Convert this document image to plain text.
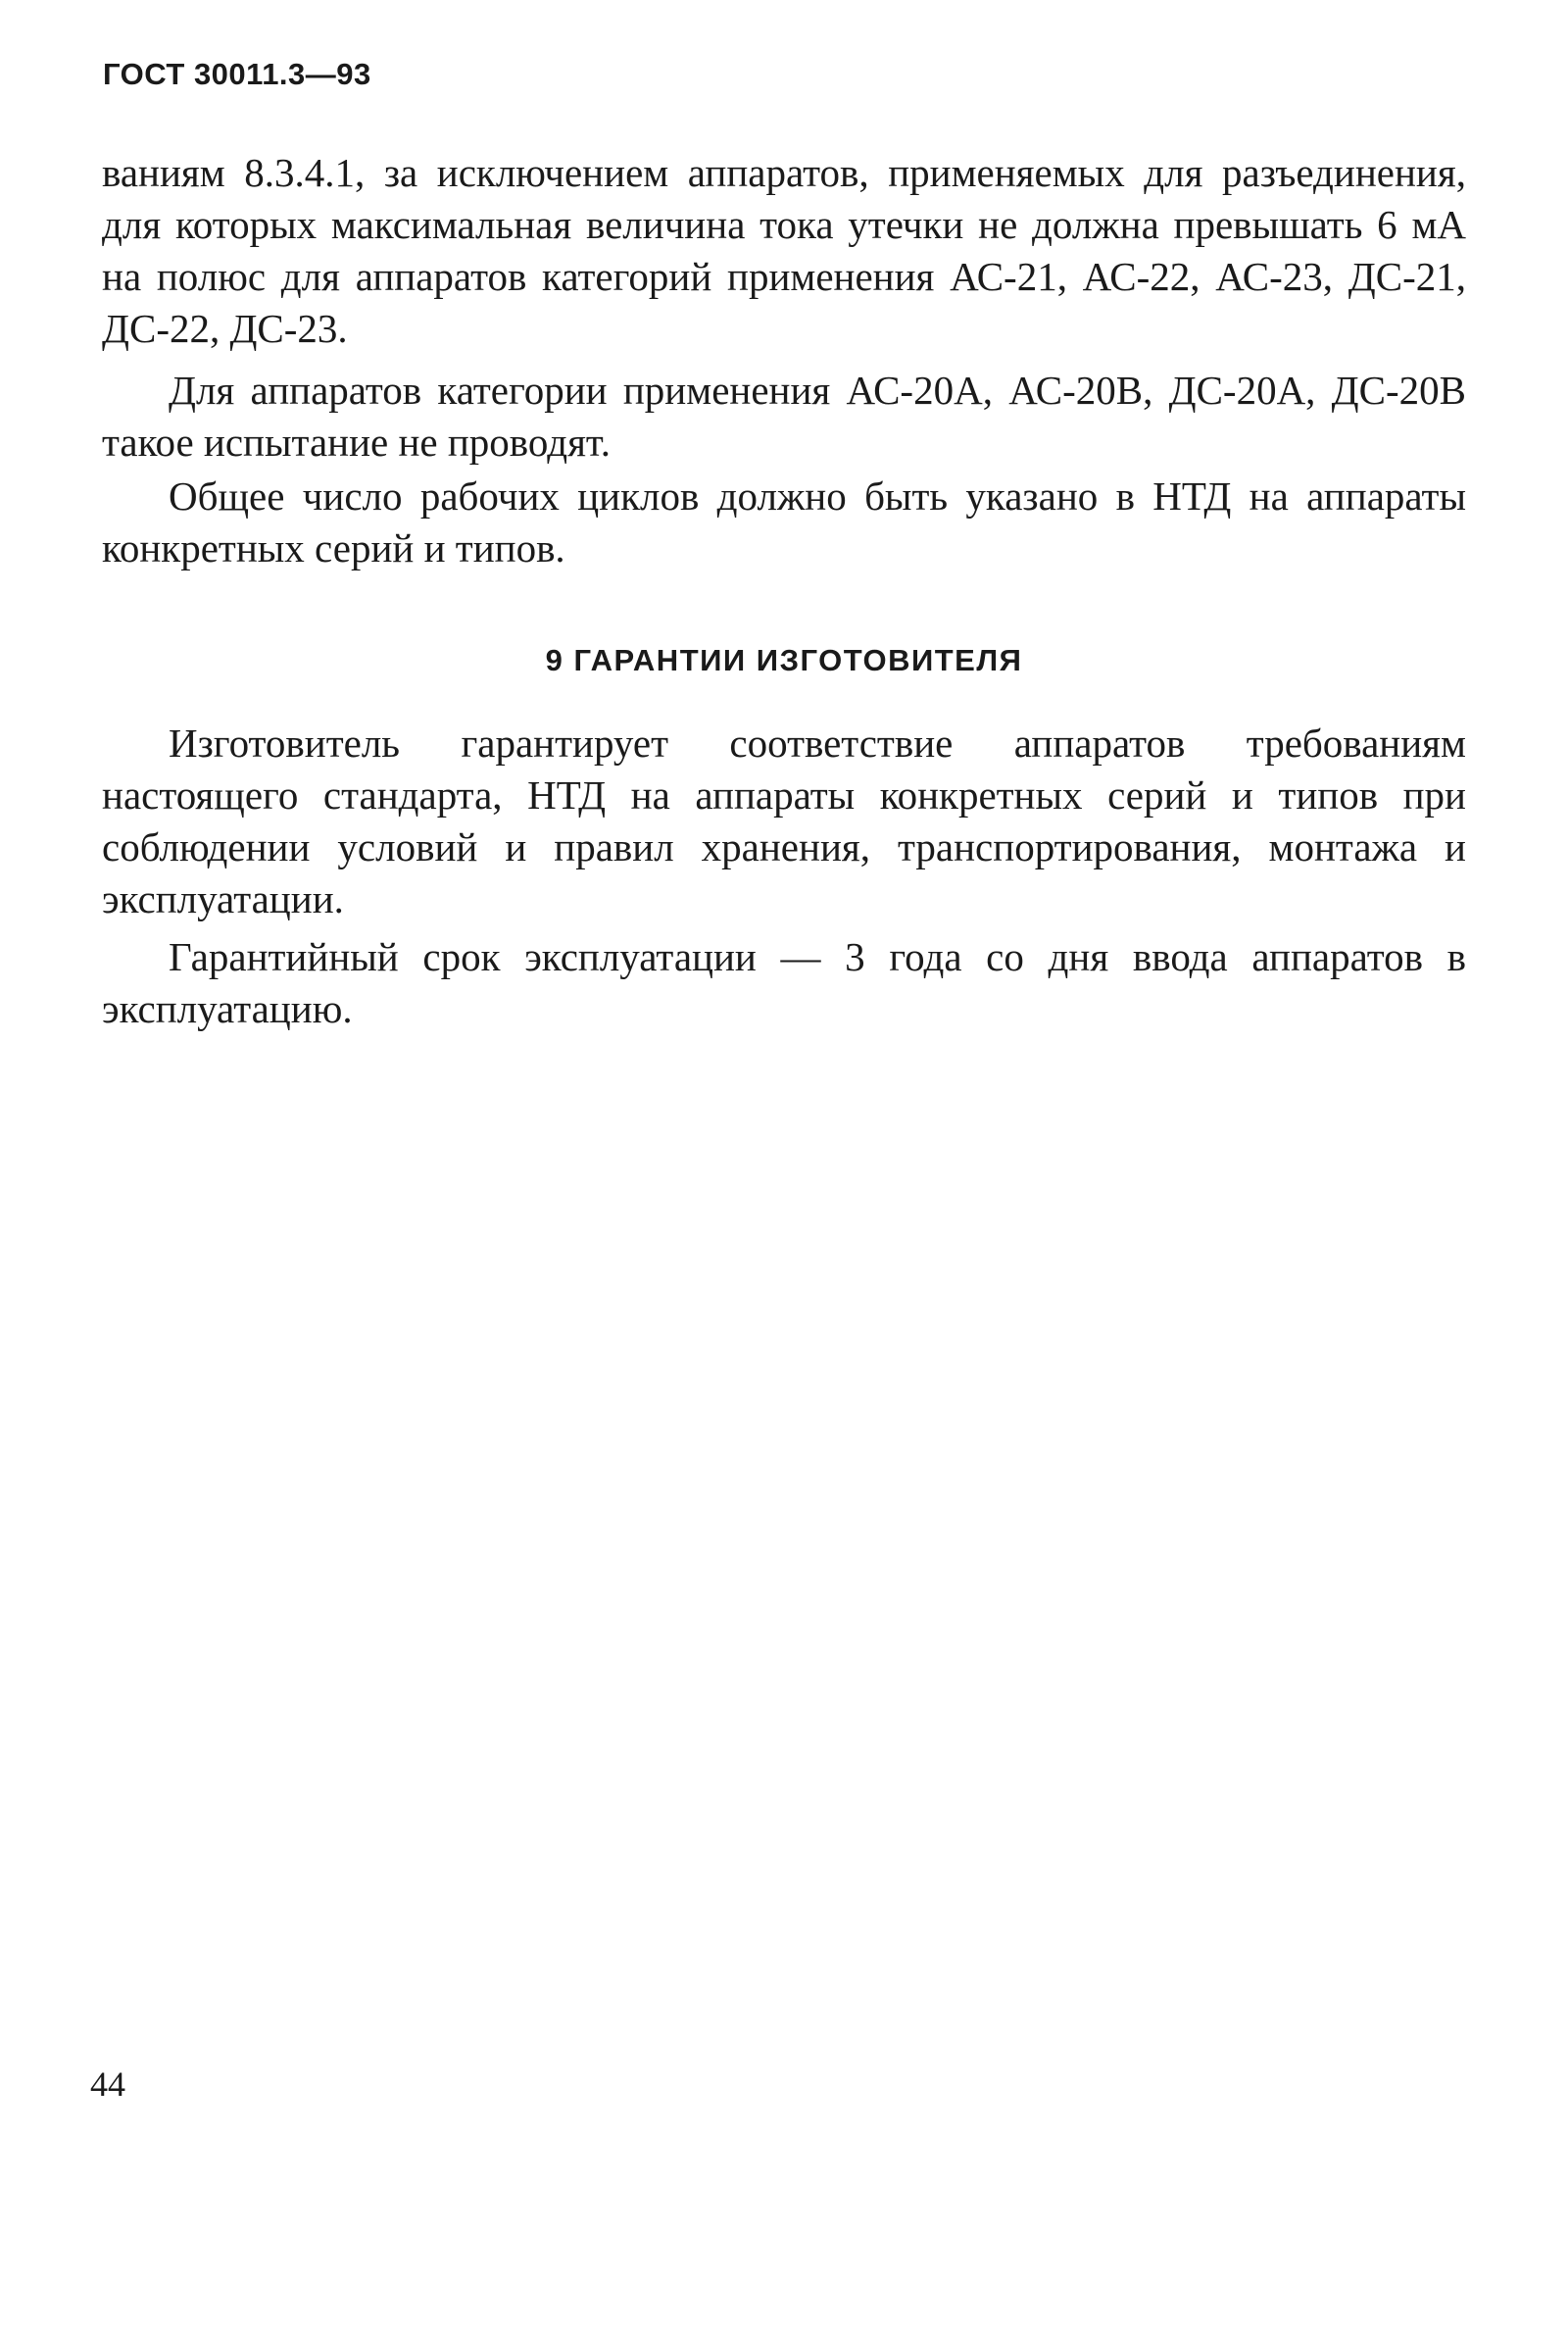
ГОСТ 30011.3—93

ваниям 8.3.4.1, за исключением аппаратов, применяемых для разъединения, для которых максимальная величина тока утечки не должна превышать 6 мА на полюс для аппаратов категорий применения АС-21, АС-22, АС-23, ДС-21, ДС-22, ДС-23.

Для аппаратов категории применения АС-20А, АС-20В, ДС-20А, ДС-20В такое испытание не проводят.

Общее число рабочих циклов должно быть указано в НТД на аппараты конкретных серий и типов.

9 ГАРАНТИИ ИЗГОТОВИТЕЛЯ

Изготовитель гарантирует соответствие аппаратов требованиям настоящего стандарта, НТД на аппараты конкретных серий и типов при соблюдении условий и правил хранения, транспортирования, монтажа и эксплуатации.

Гарантийный срок эксплуатации — 3 года со дня ввода аппаратов в эксплуатацию.

44
